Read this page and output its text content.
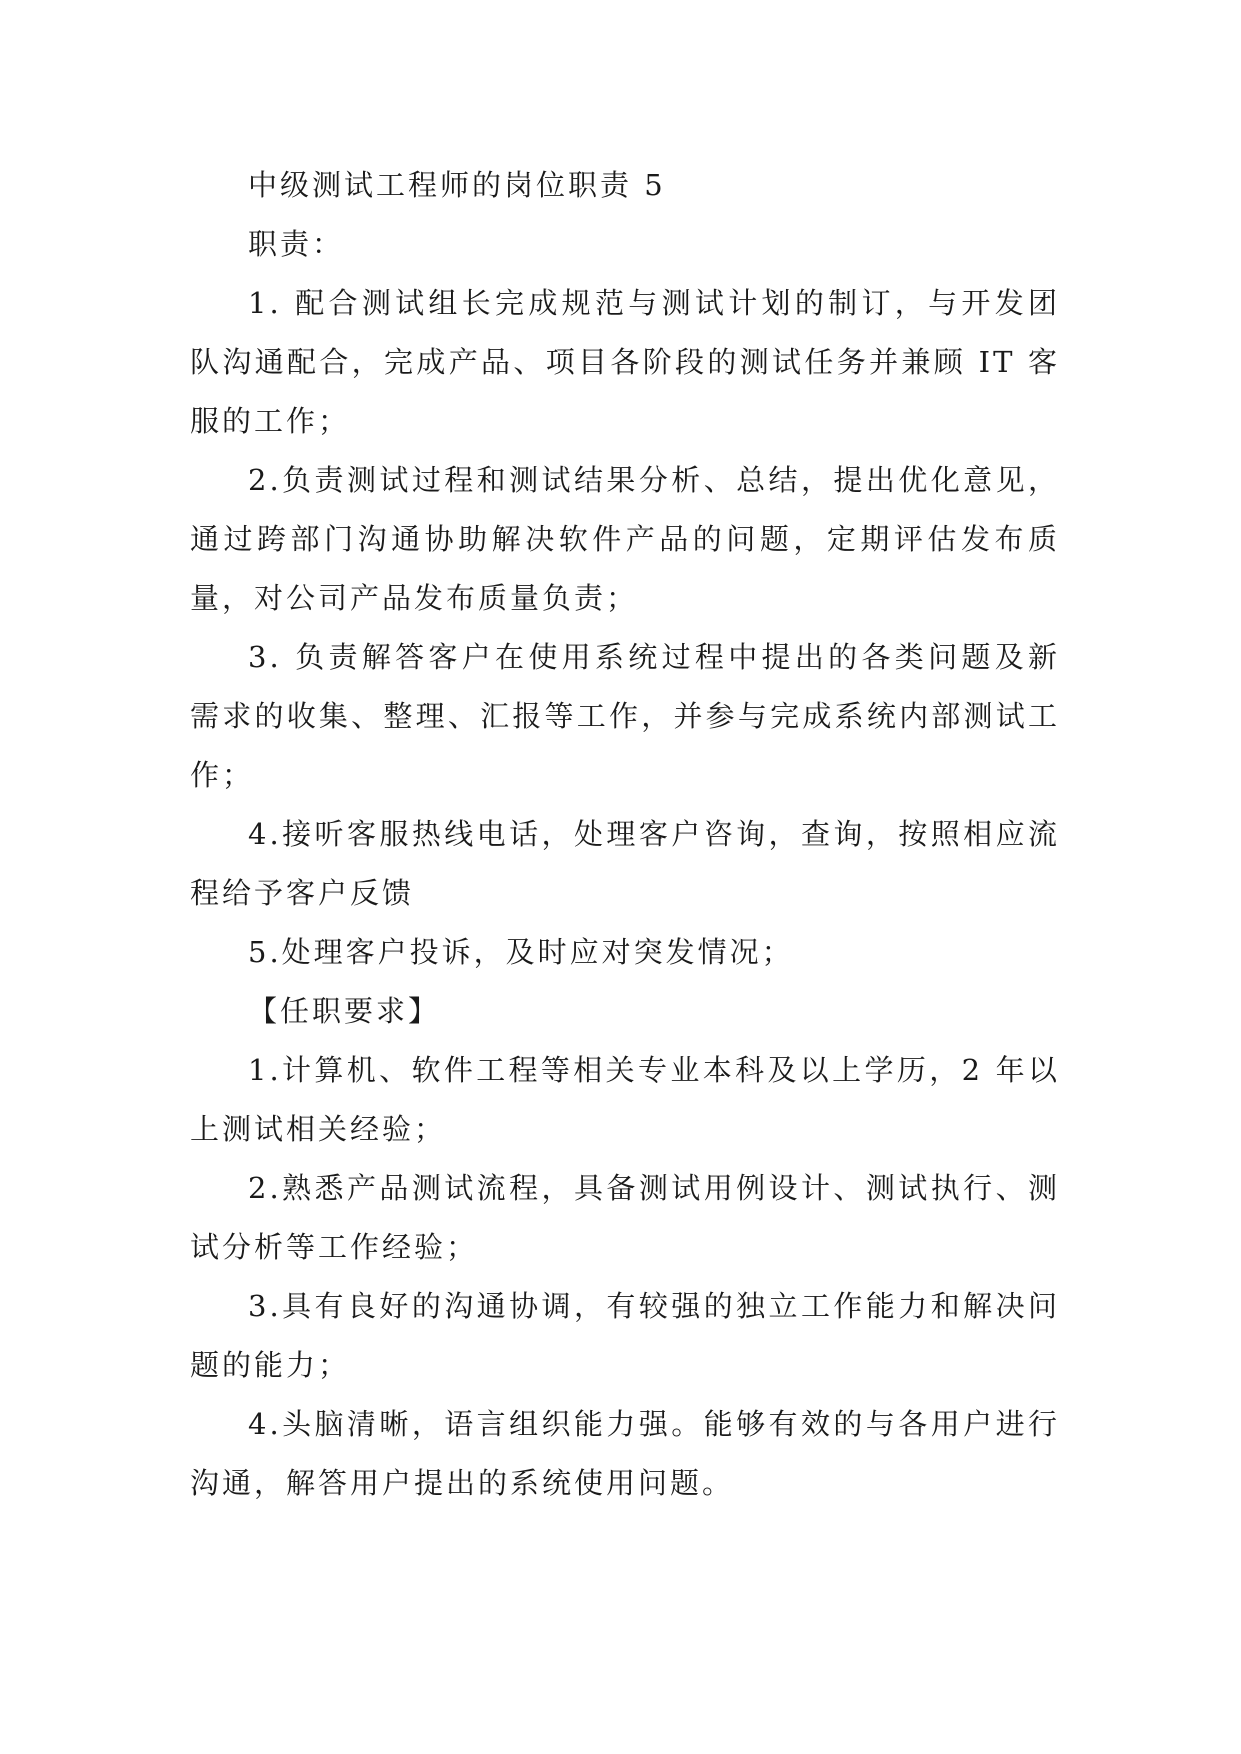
中级测试工程师的岗位职责 5

职责：

1. 配合测试组长完成规范与测试计划的制订，与开发团队沟通配合，完成产品、项目各阶段的测试任务并兼顾 IT 客服的工作；

2.负责测试过程和测试结果分析、总结，提出优化意见，通过跨部门沟通协助解决软件产品的问题，定期评估发布质量，对公司产品发布质量负责；

3. 负责解答客户在使用系统过程中提出的各类问题及新需求的收集、整理、汇报等工作，并参与完成系统内部测试工作；

4.接听客服热线电话，处理客户咨询，查询，按照相应流程给予客户反馈

5.处理客户投诉，及时应对突发情况；

【任职要求】

1.计算机、软件工程等相关专业本科及以上学历，2 年以上测试相关经验；

2.熟悉产品测试流程，具备测试用例设计、测试执行、测试分析等工作经验；

3.具有良好的沟通协调，有较强的独立工作能力和解决问题的能力；

4.头脑清晰，语言组织能力强。能够有效的与各用户进行沟通，解答用户提出的系统使用问题。
